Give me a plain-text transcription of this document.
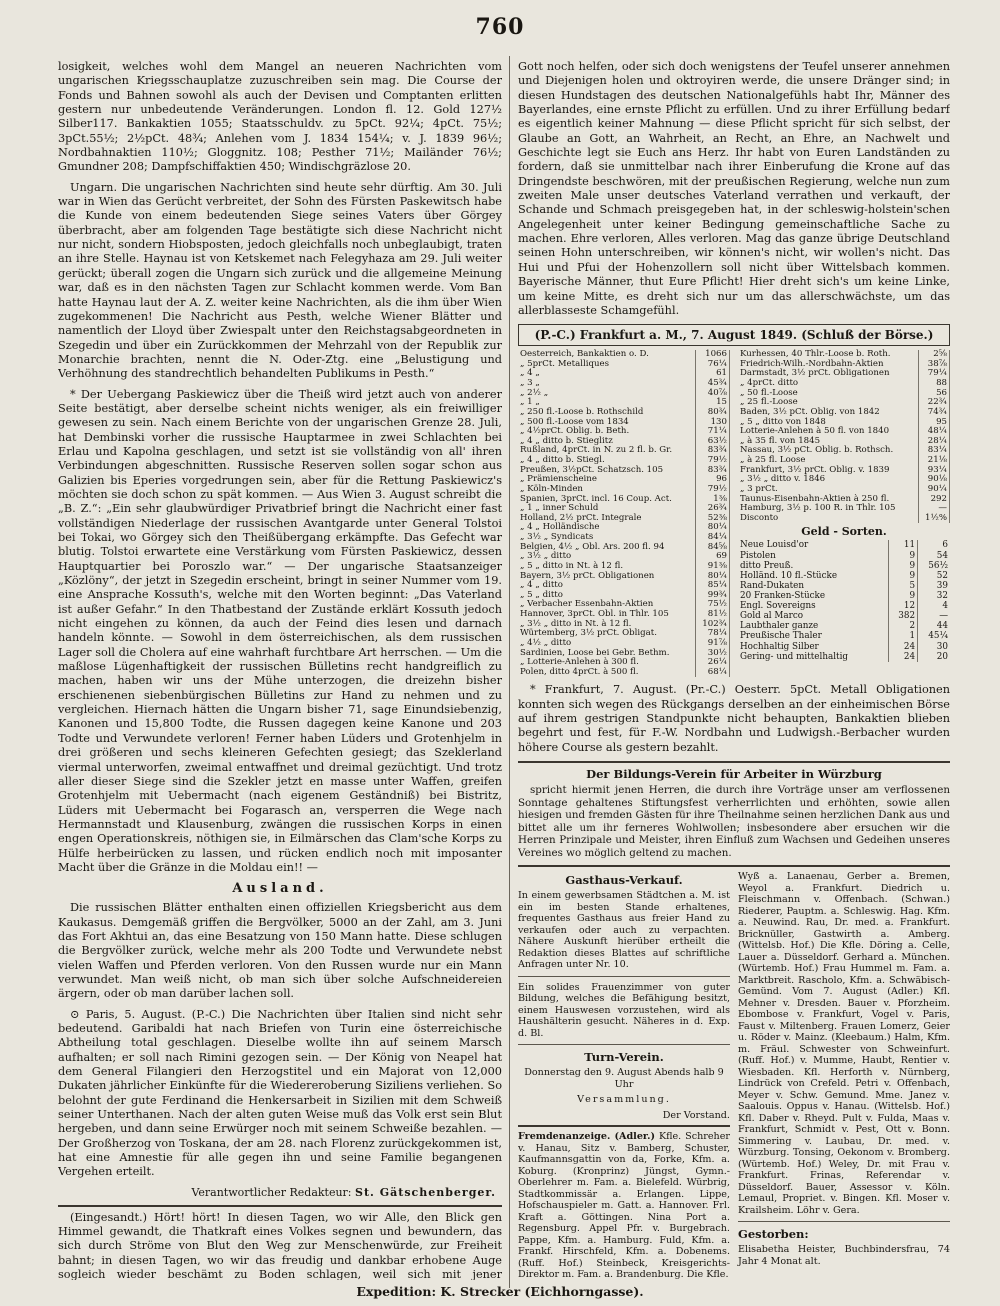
760

losigkeit, welches wohl dem Mangel an neueren Nachrichten vom ungarischen Kriegsschauplatze zuzuschreiben sein mag. Die Course der Fonds und Bahnen sowohl als auch der Devisen und Comptanten erlitten gestern nur unbedeutende Veränderungen. London fl. 12. Gold 127½ Silber117. Bankaktien 1055; Staatsschuldv. zu 5pCt. 92¼; 4pCt. 75½; 3pCt.55½; 2½pCt. 48¾; Anlehen vom J. 1834 154¼; v. J. 1839 96½; Nordbahnaktien 110½; Gloggnitz. 108; Pesther 71½; Mailänder 76½; Gmundner 208; Dampfschiffaktien 450; Windischgräzlose 20.

Ungarn. Die ungarischen Nachrichten sind heute sehr dürftig. Am 30. Juli war in Wien das Gerücht verbreitet, der Sohn des Fürsten Paskewitsch habe die Kunde von einem bedeutenden Siege seines Vaters über Görgey überbracht, aber am folgenden Tage bestätigte sich diese Nachricht nicht nur nicht, sondern Hiobsposten, jedoch gleichfalls noch unbeglaubigt, traten an ihre Stelle. Haynau ist von Ketskemet nach Felegyhaza am 29. Juli weiter gerückt; überall zogen die Ungarn sich zurück und die allgemeine Meinung war, daß es in den nächsten Tagen zur Schlacht kommen werde. Vom Ban hatte Haynau laut der A. Z. weiter keine Nachrichten, als die ihm über Wien zugekommenen! Die Nachricht aus Pesth, welche Wiener Blätter und namentlich der Lloyd über Zwiespalt unter den Reichstagsabgeordneten in Szegedin und über ein Zurückkommen der Mehrzahl von der Republik zur Monarchie brachten, nennt die N. Oder-Ztg. eine „Belustigung und Verhöhnung des standrechtlich behandelten Publikums in Pesth.“

* Der Uebergang Paskiewicz über die Theiß wird jetzt auch von anderer Seite bestätigt, aber derselbe scheint nichts weniger, als ein freiwilliger gewesen zu sein. Nach einem Berichte von der ungarischen Grenze 28. Juli, hat Dembinski vorher die russische Hauptarmee in zwei Schlachten bei Erlau und Kapolna geschlagen, und setzt ist sie vollständig von all' ihren Verbindungen abgeschnitten. Russische Reserven sollen sogar schon aus Galizien bis Eperies vorgedrungen sein, aber für die Rettung Paskiewicz's möchten sie doch schon zu spät kommen. — Aus Wien 3. August schreibt die „B. Z.“: „Ein sehr glaubwürdiger Privatbrief bringt die Nachricht einer fast vollständigen Niederlage der russischen Avantgarde unter General Tolstoi bei Tokai, wo Görgey sich den Theißübergang erkämpfte. Das Gefecht war blutig. Tolstoi erwartete eine Verstärkung vom Fürsten Paskiewicz, dessen Hauptquartier bei Poroszlo war.“ — Der ungarische Staatsanzeiger „Közlöny“, der jetzt in Szegedin erscheint, bringt in seiner Nummer vom 19. eine Ansprache Kossuth's, welche mit den Worten beginnt: „Das Vaterland ist außer Gefahr.“ In den Thatbestand der Zustände erklärt Kossuth jedoch nicht eingehen zu können, da auch der Feind dies lesen und darnach handeln könnte. — Sowohl in dem österreichischen, als dem russischen Lager soll die Cholera auf eine wahrhaft furchtbare Art herrschen. — Um die maßlose Lügenhaftigkeit der russischen Bülletins recht handgreiflich zu machen, haben wir uns der Mühe unterzogen, die dreizehn bisher erschienenen siebenbürgischen Bülletins zur Hand zu nehmen und zu vergleichen. Hiernach hätten die Ungarn bisher 71, sage Einundsiebenzig, Kanonen und 15,800 Todte, die Russen dagegen keine Kanone und 203 Todte und Verwundete verloren! Ferner haben Lüders und Grotenhjelm in drei größeren und sechs kleineren Gefechten gesiegt; das Szeklerland viermal unterworfen, zweimal entwaffnet und dreimal gezüchtigt. Und trotz aller dieser Siege sind die Szekler jetzt en masse unter Waffen, greifen Grotenhjelm mit Uebermacht (nach eigenem Geständniß) bei Bistritz, Lüders mit Uebermacht bei Fogarasch an, versperren die Wege nach Hermannstadt und Klausenburg, zwängen die russischen Korps in einen engen Operationskreis, nöthigen sie, in Eilmärschen das Clam'sche Korps zu Hülfe herbeirücken zu lassen, und rücken endlich noch mit imposanter Macht über die Gränze in die Moldau ein!! —

Ausland.

Die russischen Blätter enthalten einen offiziellen Kriegsbericht aus dem Kaukasus. Demgemäß griffen die Bergvölker, 5000 an der Zahl, am 3. Juni das Fort Akhtui an, das eine Besatzung von 150 Mann hatte. Diese schlugen die Bergvölker zurück, welche mehr als 200 Todte und Verwundete nebst vielen Waffen und Pferden verloren. Von den Russen wurde nur ein Mann verwundet. Man weiß nicht, ob man sich über solche Aufschneidereien ärgern, oder ob man darüber lachen soll.

⊙ Paris, 5. August. (P.-C.) Die Nachrichten über Italien sind nicht sehr bedeutend. Garibaldi hat nach Briefen von Turin eine österreichische Abtheilung total geschlagen. Dieselbe wollte ihn auf seinem Marsch aufhalten; er soll nach Rimini gezogen sein. — Der König von Neapel hat dem General Filangieri den Herzogstitel und ein Majorat von 12,000 Dukaten jährlicher Einkünfte für die Wiedereroberung Siziliens verliehen. So belohnt der gute Ferdinand die Henkersarbeit in Sizilien mit dem Schweiß seiner Unterthanen. Nach der alten guten Weise muß das Volk erst sein Blut hergeben, und dann seine Erwürger noch mit seinem Schweiße bezahlen. — Der Großherzog von Toskana, der am 28. nach Florenz zurückgekommen ist, hat eine Amnestie für alle gegen ihn und seine Familie begangenen Vergehen erteilt.

Verantwortlicher Redakteur: St. Gätschenberger.

(Eingesandt.) Hört! hört! In diesen Tagen, wo wir Alle, den Blick gen Himmel gewandt, die Thatkraft eines Volkes segnen und bewundern, das sich durch Ströme von Blut den Weg zur Menschenwürde, zur Freiheit bahnt; in diesen Tagen, wo wir das freudig und dankbar erhobene Auge sogleich wieder beschämt zu Boden schlagen, weil sich mit jener

Gott noch helfen, oder sich doch wenigstens der Teufel unserer annehmen und Diejenigen holen und oktroyiren werde, die unsere Dränger sind; in diesen Hundstagen des deutschen Nationalgefühls habt Ihr, Männer des Bayerlandes, eine ernste Pflicht zu erfüllen. Und zu ihrer Erfüllung bedarf es eigentlich keiner Mahnung — diese Pflicht spricht für sich selbst, der Glaube an Gott, an Wahrheit, an Recht, an Ehre, an Nachwelt und Geschichte legt sie Euch ans Herz. Ihr habt von Euren Landständen zu fordern, daß sie unmittelbar nach ihrer Einberufung die Krone auf das Dringendste beschwören, mit der preußischen Regierung, welche nun zum zweiten Male unser deutsches Vaterland verrathen und verkauft, der Schande und Schmach preisgegeben hat, in der schleswig-holstein'schen Angelegenheit unter keiner Bedingung gemeinschaftliche Sache zu machen. Ehre verloren, Alles verloren. Mag das ganze übrige Deutschland seinen Hohn unterschreiben, wir können's nicht, wir wollen's nicht. Das Hui und Pfui der Hohenzollern soll nicht über Wittelsbach kommen. Bayerische Männer, thut Eure Pflicht! Hier dreht sich's um keine Linke, um keine Mitte, es dreht sich nur um das allerschwächste, um das allerblasseste Schamgefühl.

(P.-C.) Frankfurt a. M., 7. August 1849. (Schluß der Börse.)
Oesterreich, Bankaktien o. D.	1066
„ 5prCt. Metalliques	76¼
„ 4 „	61
„ 3 „	45¾
„ 2½ „	40⅞
„ 1 „	15
„ 250 fl.-Loose b. Rothschild	80¾
„ 500 fl.-Loose vom 1834	130
„ 4½prCt. Oblig. b. Beth.	71¼
„ 4 „ ditto b. Stieglitz	63½
Rußland, 4prCt. in N. zu 2 fl. b. Gr.	83¾
„ 4 „ ditto b. Stiegl.	79½
Preußen, 3½pCt. Schatzsch. 105	83¾
„ Prämienscheine	96
„ Köln-Minden	79½
Spanien, 3prCt. incl. 16 Coup. Act.	1⅜
„ 1 „ inner Schuld	26¾
Holland, 2½ prCt. Integrale	52⅜
„ 4 „ Holländische	80¼
„ 3½ „ Syndicats	84¼
Belgien, 4½ „ Obl. Ars. 200 fl. 94	84⅝
„ 3½ „ ditto	69
„ 5 „ ditto in Nt. à 12 fl.	91⅜
Bayern, 3½ prCt. Obligationen	80¼
„ 4 „ ditto	85¼
„ 5 „ ditto	99¾
„ Verbacher Essenbahn-Aktien	75½
Hannover, 3prCt. Obl. in Thlr. 105	81½
„ 3½ „ ditto in Nt. à 12 fl.	102¾
Würtemberg, 3½ prCt. Obligat.	78¼
„ 4½ „ ditto	91⅞
Sardinien, Loose bei Gebr. Bethm.	30½
„ Lotterie-Anlehen à 300 fl.	26¼
Polen, ditto 4prCt. à 500 fl.	68¼
Kurhessen, 40 Thlr.-Loose b. Roth.	2⅝
Friedrich-Wilh.-Nordbahn-Aktien	38⅞
Darmstadt, 3½ prCt. Obligationen	79¼
„ 4prCt. ditto	88
„ 50 fl.-Loose	56
„ 25 fl.-Loose	22¾
Baden, 3½ pCt. Oblig. von 1842	74¾
„ 5 „ ditto von 1848	95
Lotterie-Anlehen à 50 fl. von 1840	48¼
„ à 35 fl. von 1845	28¼
Nassau, 3½ pCt. Oblig. b. Rothsch.	83¼
„ à 25 fl. Loose	21⅛
Frankfurt, 3½ prCt. Oblig. v. 1839	93¼
„ 3½ „ ditto v. 1846	90⅛
„ 3 prCt.	90¼
Taunus-Eisenbahn-Aktien à 250 fl.	292
Hamburg, 3½ p. 100 R. in Thlr. 105	—
Disconto	1½%
Geld - Sorten.
Neue Louisd'or	11	6
Pistolen	9	54
ditto Preuß.	9	56½
Holländ. 10 fl.-Stücke	9	52
Rand-Dukaten	5	39
20 Franken-Stücke	9	32
Engl. Sovereigns	12	4
Gold al Marco	382	—
Laubthaler ganze	2	44
Preußische Thaler	1	45¼
Hochhaltig Silber	24	30
Gering- und mittelhaltig	24	20

* Frankfurt, 7. August. (Pr.-C.) Oesterr. 5pCt. Metall Obligationen konnten sich wegen des Rückgangs derselben an der einheimischen Börse auf ihrem gestrigen Standpunkte nicht behaupten, Bankaktien blieben begehrt und fest, für F.-W. Nordbahn und Ludwigsh.-Berbacher wurden höhere Course als gestern bezahlt.

Der Bildungs-Verein für Arbeiter in Würzburg

spricht hiermit jenen Herren, die durch ihre Vorträge unser am verflossenen Sonntage gehaltenes Stiftungsfest verherrlichten und erhöhten, sowie allen hiesigen und fremden Gästen für ihre Theilnahme seinen herzlichen Dank aus und bittet alle um ihr ferneres Wohlwollen; insbesondere aber ersuchen wir die Herren Prinzipale und Meister, ihren Einfluß zum Wachsen und Gedeihen unseres Vereines wo möglich geltend zu machen.

Gasthaus-Verkauf.

In einem gewerbsamen Städtchen a. M. ist ein im besten Stande erhaltenes, frequentes Gasthaus aus freier Hand zu verkaufen oder auch zu verpachten. Nähere Auskunft hierüber ertheilt die Redaktion dieses Blattes auf schriftliche Anfragen unter Nr. 10.

Ein solides Frauenzimmer von guter Bildung, welches die Befähigung besitzt, einem Hauswesen vorzustehen, wird als Haushälterin gesucht. Näheres in d. Exp. d. Bl.

Turn-Verein.

Donnerstag den 9. August Abends halb 9 Uhr

Versammlung.

Der Vorstand.

Fremdenanzeige. (Adler.) Kfle. Schreher v. Hanau, Sitz v. Bamberg, Schuster, Kaufmannsgattin von da, Forke, Kfm. a. Koburg. (Kronprinz) Jüngst, Gymn.-Oberlehrer m. Fam. a. Bielefeld. Würbrig, Stadtkommissär a. Erlangen. Lippe, Hofschauspieler m. Gatt. a. Hannover. Frl. Kraft a. Göttingen. Nina Port a. Regensburg. Appel Pfr. v. Burgebrach. Pappe, Kfm. a. Hamburg. Fuld, Kfm. a. Frankf. Hirschfeld, Kfm. a. Dobenems. (Ruff. Hof.) Steinbeck, Kreisgerichts-Direktor m. Fam. a. Brandenburg. Die Kfle.

Wyß a. Lanaenau, Gerber a. Bremen, Weyol a. Frankfurt. Diedrich u. Fleischmann v. Offenbach. (Schwan.) Riederer, Pauptm. a. Schleswig. Hag. Kfm. a. Neuwind. Rau, Dr. med. a. Frankfurt. Bricknüller, Gastwirth a. Amberg. (Wittelsb. Hof.) Die Kfle. Döring a. Celle, Lauer a. Düsseldorf. Gerhard a. München. (Würtemb. Hof.) Frau Hummel m. Fam. a. Marktbreit. Rascholo, Kfm. a. Schwäbisch-Gemünd. Vom 7. August (Adler.) Kfl. Mehner v. Dresden. Bauer v. Pforzheim. Ebombose v. Frankfurt, Vogel v. Paris, Faust v. Miltenberg. Frauen Lomerz, Geier u. Röder v. Mainz. (Kleebaum.) Halm, Kfm. m. Fräul. Schwester von Schweinfurt. (Ruff. Hof.) v. Mumme, Haubt, Rentier v. Wiesbaden. Kfl. Herforth v. Nürnberg, Lindrück von Crefeld. Petri v. Offenbach, Meyer v. Schw. Gemund. Mme. Janez v. Saalouis. Oppus v. Hanau. (Wittelsb. Hof.) Kfl. Daber v. Rheyd. Pult v. Fulda, Maas v. Frankfurt, Schmidt v. Pest, Ott v. Bonn. Simmering v. Laubau, Dr. med. v. Würzburg. Tonsing, Oekonom v. Bromberg. (Würtemb. Hof.) Weley, Dr. mit Frau v. Frankfurt. Frinas, Referendar v. Düsseldorf. Bauer, Assessor v. Köln. Lemaul, Propriet. v. Bingen. Kfl. Moser v. Krailsheim. Löhr v. Gera.

Gestorben:

Elisabetha Heister, Buchbindersfrau, 74 Jahr 4 Monat alt.

Expedition: K. Strecker (Eichhorngasse).
